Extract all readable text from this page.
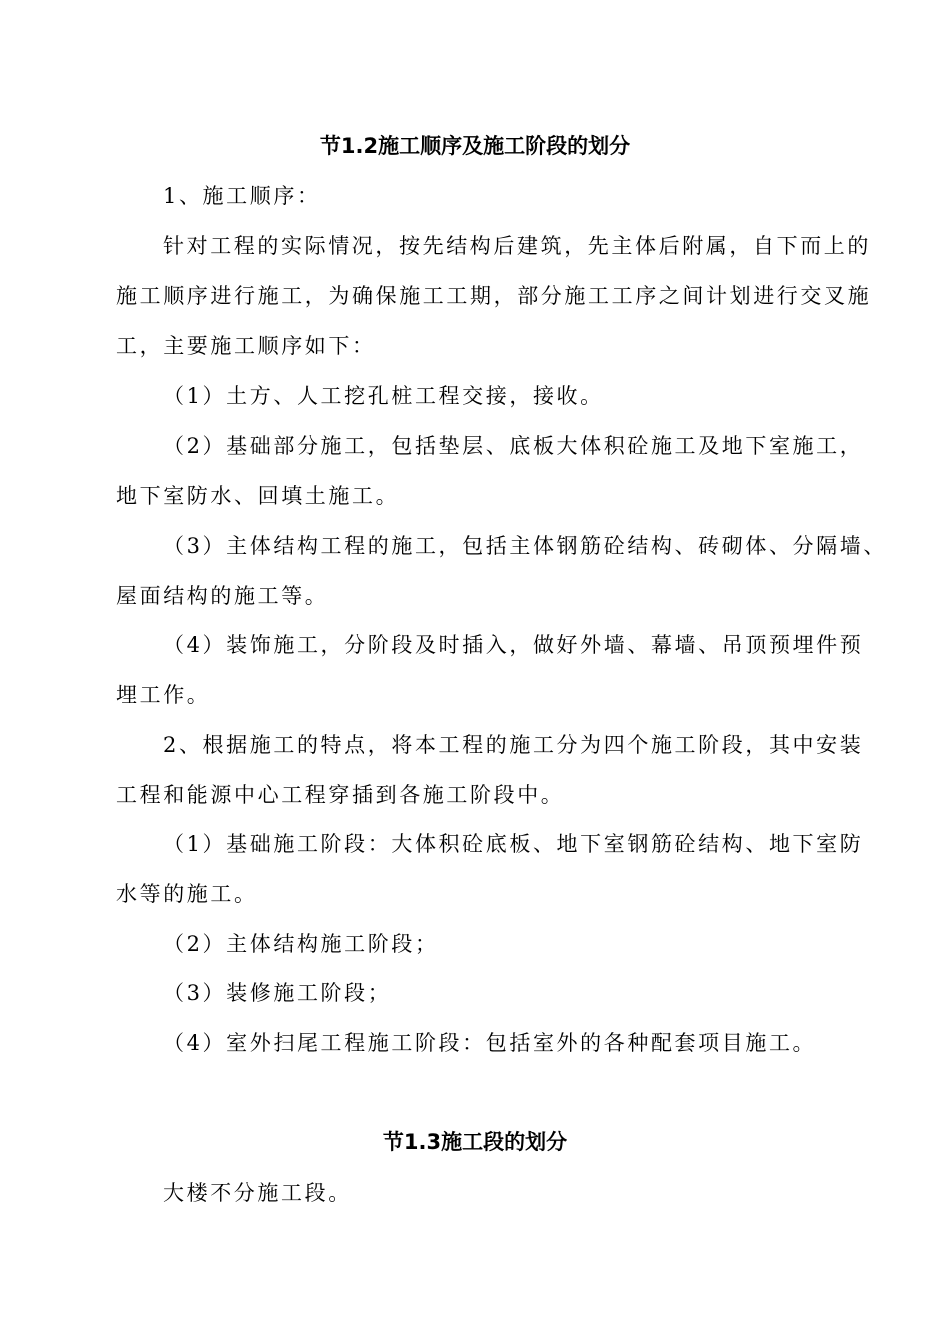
节1.2施工顺序及施工阶段的划分
1、施工顺序：
针对工程的实际情况，按先结构后建筑，先主体后附属，自下而上的
施工顺序进行施工，为确保施工工期，部分施工工序之间计划进行交叉施
工，主要施工顺序如下：
（1）土方、人工挖孔桩工程交接，接收。
（2）基础部分施工，包括垫层、底板大体积砼施工及地下室施工，
地下室防水、回填土施工。
（3）主体结构工程的施工，包括主体钢筋砼结构、砖砌体、分隔墙、
屋面结构的施工等。
（4）装饰施工，分阶段及时插入，做好外墙、幕墙、吊顶预埋件预
埋工作。
2、根据施工的特点，将本工程的施工分为四个施工阶段，其中安装
工程和能源中心工程穿插到各施工阶段中。
（1）基础施工阶段：大体积砼底板、地下室钢筋砼结构、地下室防
水等的施工。
（2）主体结构施工阶段；
（3）装修施工阶段；
（4）室外扫尾工程施工阶段：包括室外的各种配套项目施工。
节1.3施工段的划分
大楼不分施工段。
